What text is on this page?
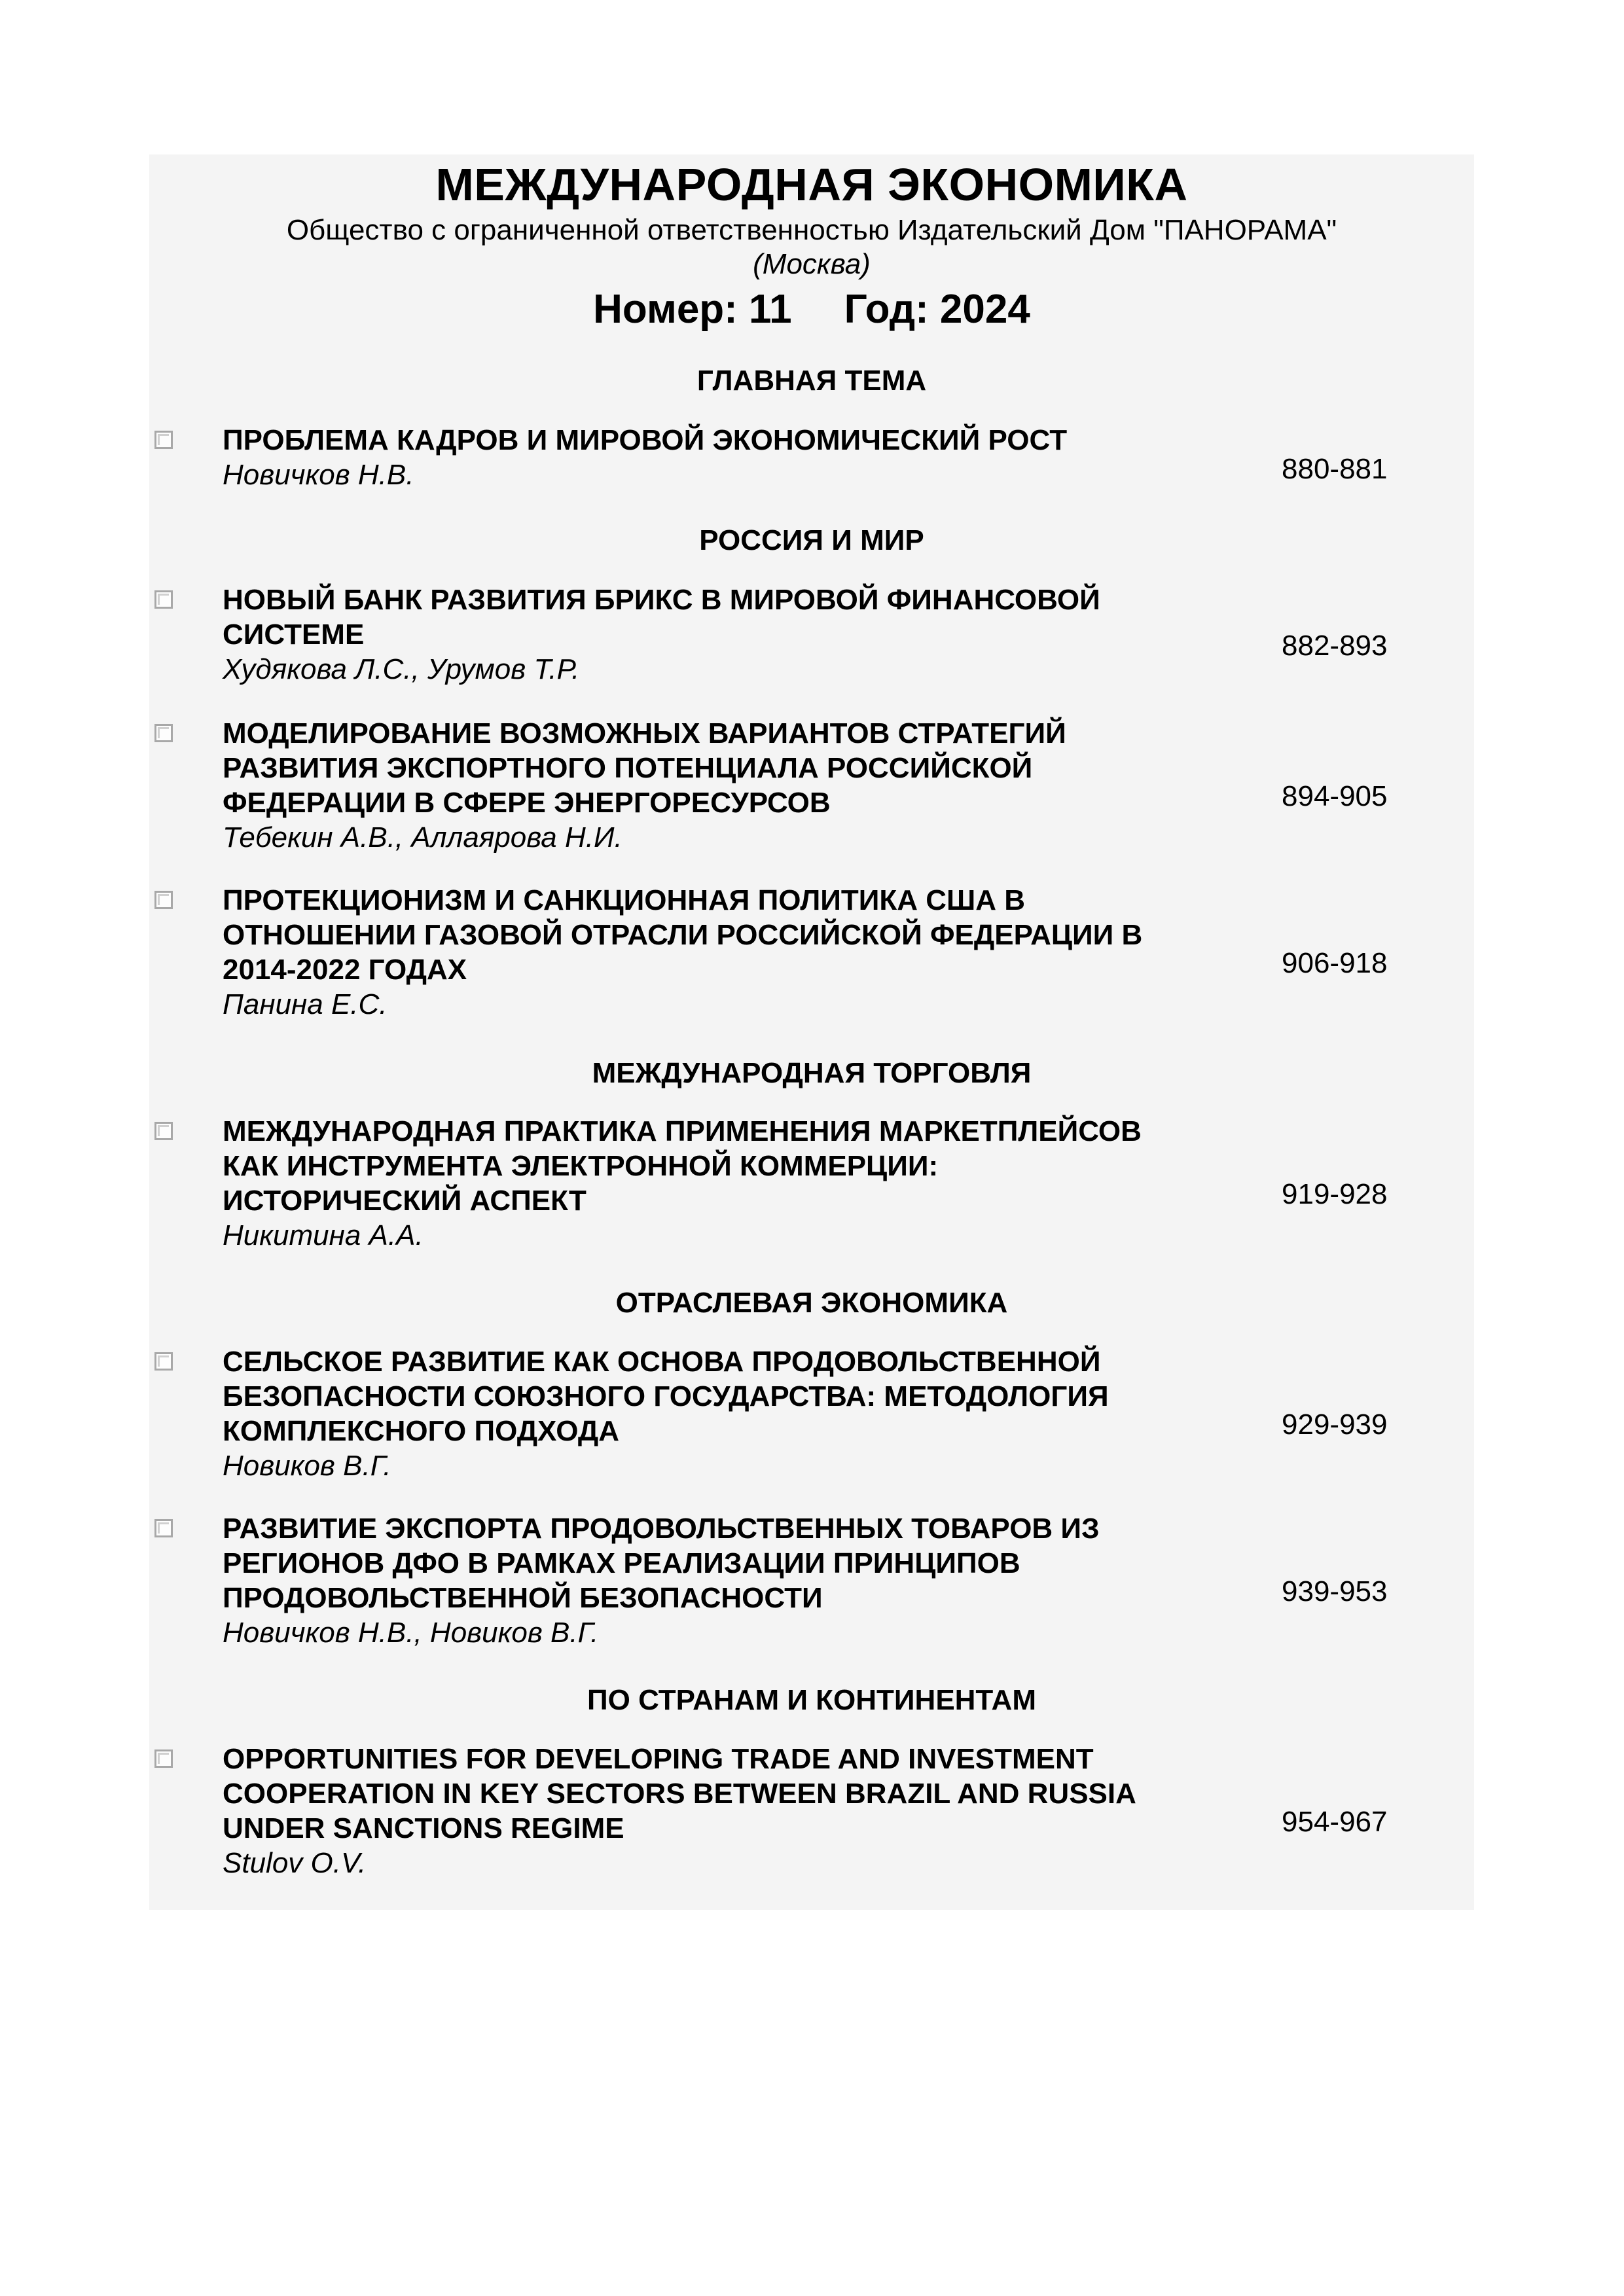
МЕЖДУНАРОДНАЯ ЭКОНОМИКА
Общество с ограниченной ответственностью Издательский Дом "ПАНОРАМА"
(Москва)
Номер: 11 Год: 2024
ГЛАВНАЯ ТЕМА
ПРОБЛЕМА КАДРОВ И МИРОВОЙ ЭКОНОМИЧЕСКИЙ РОСТ
Новичков Н.В.	880-881
РОССИЯ И МИР
НОВЫЙ БАНК РАЗВИТИЯ БРИКС В МИРОВОЙ ФИНАНСОВОЙ
СИСТЕМЕ
Худякова Л.С., Урумов Т.Р.
882-893
МОДЕЛИРОВАНИЕ ВОЗМОЖНЫХ ВАРИАНТОВ СТРАТЕГИЙ
РАЗВИТИЯ ЭКСПОРТНОГО ПОТЕНЦИАЛА РОССИЙСКОЙ
ФЕДЕРАЦИИ В СФЕРЕ ЭНЕРГОРЕСУРСОВ
Тебекин А.В., Аллаярова Н.И.
894-905
ПРОТЕКЦИОНИЗМ И САНКЦИОННАЯ ПОЛИТИКА США В
ОТНОШЕНИИ ГАЗОВОЙ ОТРАСЛИ РОССИЙСКОЙ ФЕДЕРАЦИИ В
2014-2022 ГОДАХ
Панина Е.С.
906-918
МЕЖДУНАРОДНАЯ ТОРГОВЛЯ
МЕЖДУНАРОДНАЯ ПРАКТИКА ПРИМЕНЕНИЯ МАРКЕТПЛЕЙСОВ
КАК ИНСТРУМЕНТА ЭЛЕКТРОННОЙ КОММЕРЦИИ:
ИСТОРИЧЕСКИЙ АСПЕКТ
Никитина А.А.
919-928
ОТРАСЛЕВАЯ ЭКОНОМИКА
СЕЛЬСКОЕ РАЗВИТИЕ КАК ОСНОВА ПРОДОВОЛЬСТВЕННОЙ
БЕЗОПАСНОСТИ СОЮЗНОГО ГОСУДАРСТВА: МЕТОДОЛОГИЯ
КОМПЛЕКСНОГО ПОДХОДА
Новиков В.Г.
929-939
РАЗВИТИЕ ЭКСПОРТА ПРОДОВОЛЬСТВЕННЫХ ТОВАРОВ ИЗ
РЕГИОНОВ ДФО В РАМКАХ РЕАЛИЗАЦИИ ПРИНЦИПОВ
ПРОДОВОЛЬСТВЕННОЙ БЕЗОПАСНОСТИ
Новичков Н.В., Новиков В.Г.
939-953
ПО СТРАНАМ И КОНТИНЕНТАМ
OPPORTUNITIES FOR DEVELOPING TRADE AND INVESTMENT
COOPERATION IN KEY SECTORS BETWEEN BRAZIL AND RUSSIA
UNDER SANCTIONS REGIME
Stulov O.V.
954-967
